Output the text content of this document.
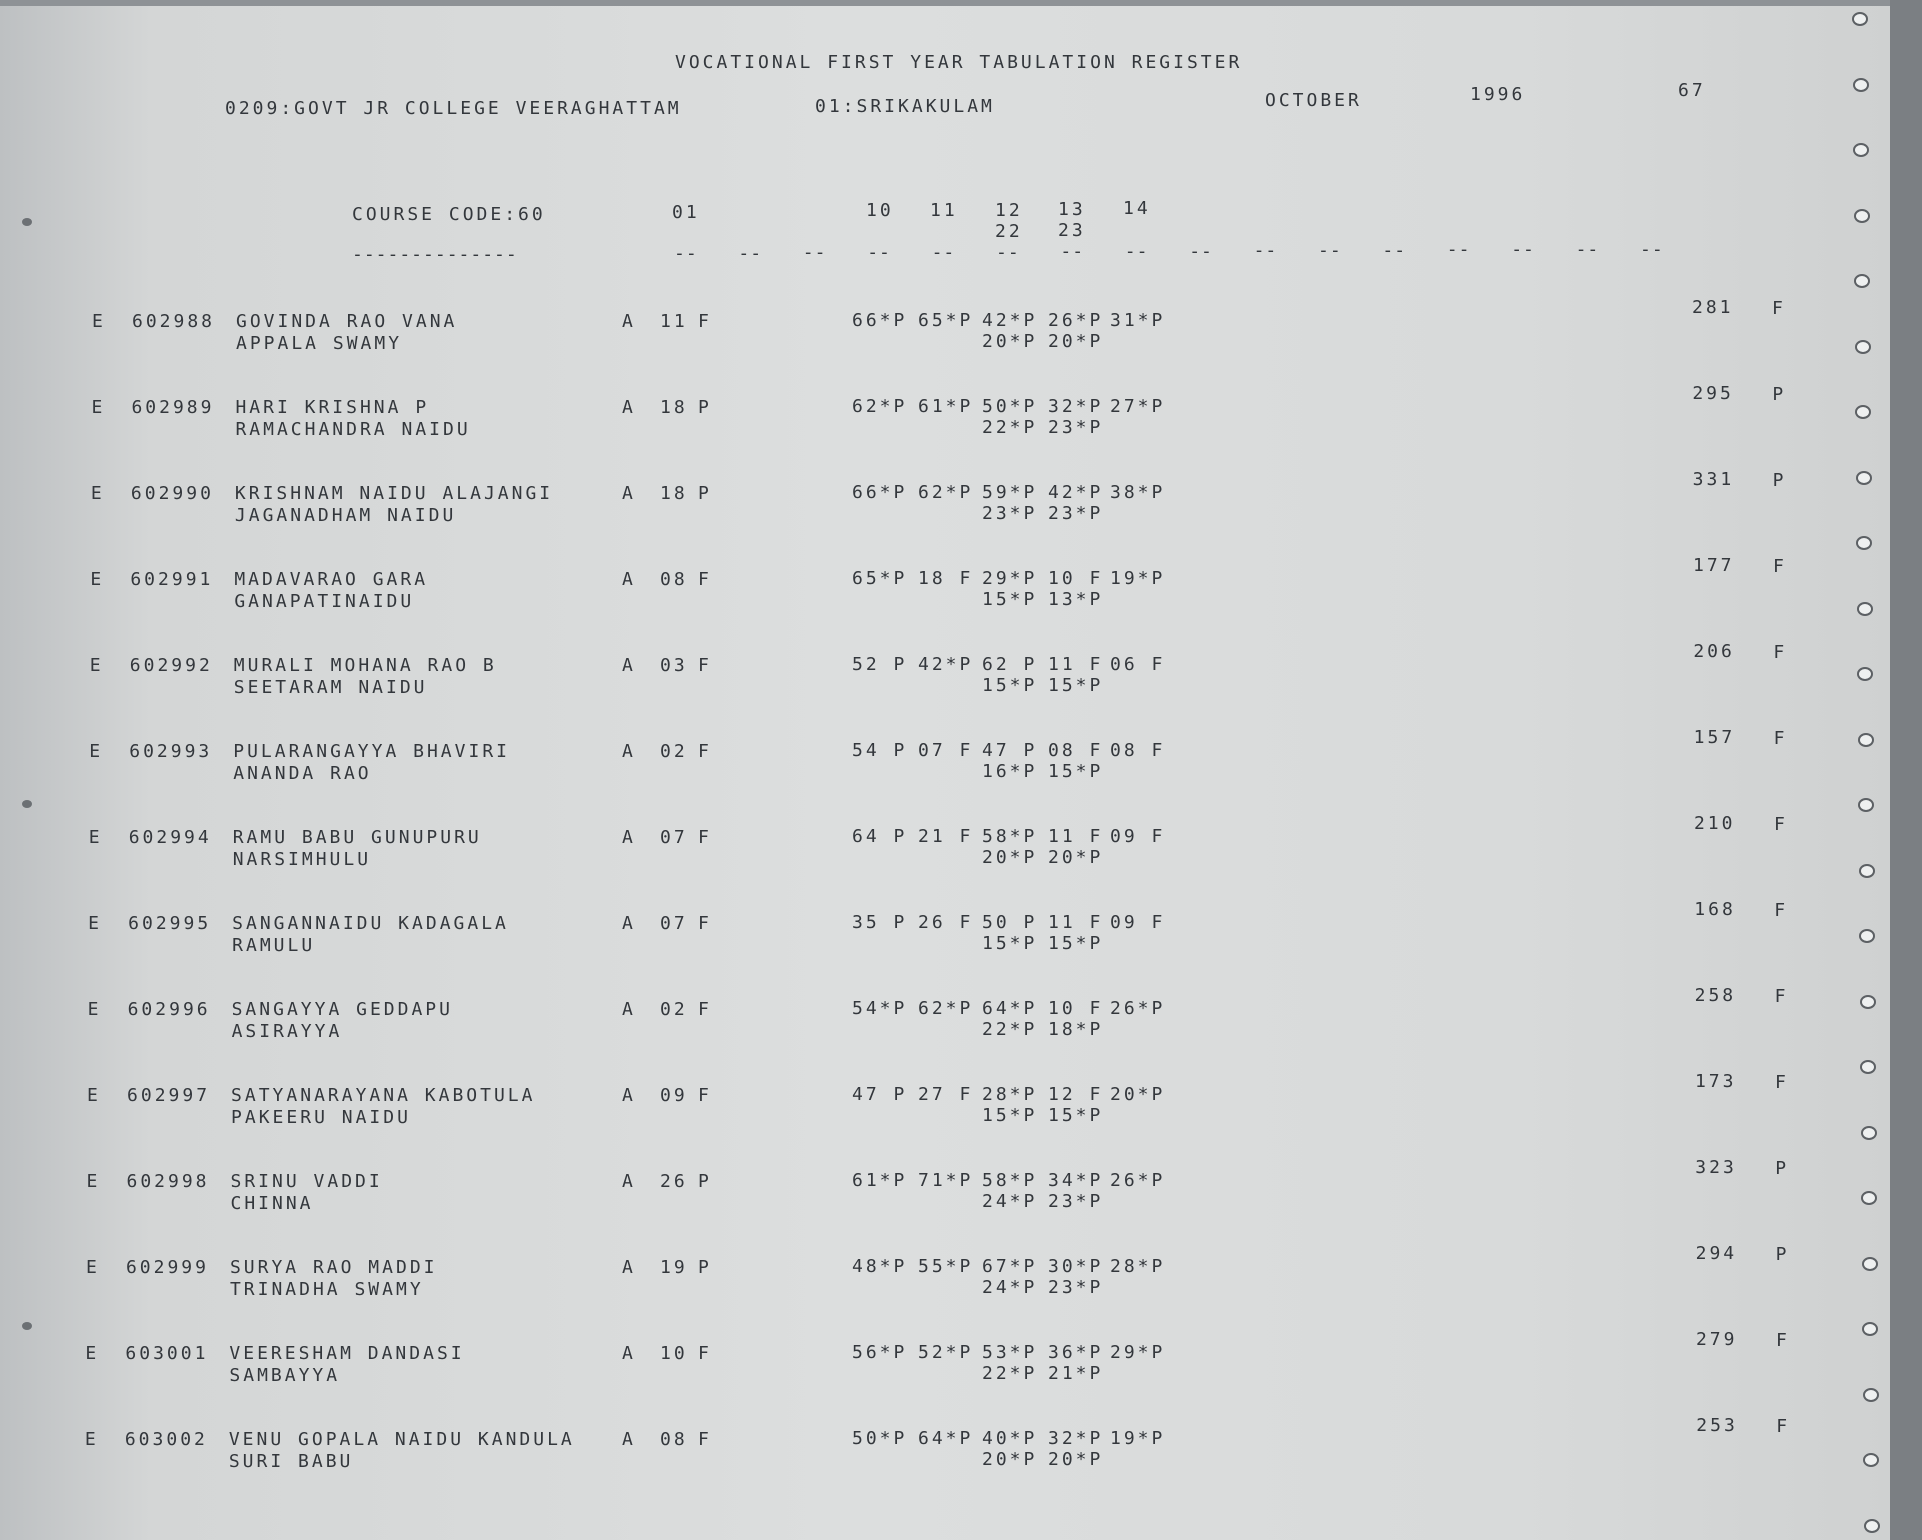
VOCATIONAL FIRST YEAR TABULATION REGISTER
0209:GOVT JR COLLEGE VEERAGHATTAM	01:SRIKAKULAM	OCTOBER	1996	67
COURSE CODE:60
--------------
01	10 11 12
22
13
23
14
-- -- -- -- -- -- -- -- -- -- -- -- -- -- -- --
E 602988 GOVINDA RAO VANA
APPALA SWAMY
A 11 F	66*P 65*P 42*P 26*P 31*P
20*P 20*P
281 F
E 602989 HARI KRISHNA P
RAMACHANDRA NAIDU
A 18 P	62*P 61*P 50*P 32*P 27*P
22*P 23*P
295 P
E 602990 KRISHNAM NAIDU ALAJANGI
JAGANADHAM NAIDU
A 18 P	66*P 62*P 59*P 42*P 38*P
23*P 23*P
331 P
E 602991 MADAVARAO GARA
GANAPATINAIDU
A 08 F	65*P 18 F 29*P 10 F 19*P
15*P 13*P
177 F
E 602992 MURALI MOHANA RAO B
SEETARAM NAIDU
A 03 F	52 P 42*P 62 P 11 F 06 F
15*P 15*P
206 F
E 602993 PULARANGAYYA BHAVIRI
ANANDA RAO
A 02 F	54 P 07 F 47 P 08 F 08 F
16*P 15*P
157 F
E 602994 RAMU BABU GUNUPURU
NARSIMHULU
A 07 F	64 P 21 F 58*P 11 F 09 F
20*P 20*P
210 F
E 602995 SANGANNAIDU KADAGALA
RAMULU
A 07 F	35 P 26 F 50 P 11 F 09 F
15*P 15*P
168 F
E 602996 SANGAYYA GEDDAPU
ASIRAYYA
A 02 F	54*P 62*P 64*P 10 F 26*P
22*P 18*P
258 F
E 602997 SATYANARAYANA KABOTULA
PAKEERU NAIDU
A 09 F	47 P 27 F 28*P 12 F 20*P
15*P 15*P
173 F
E 602998 SRINU VADDI
CHINNA
A 26 P	61*P 71*P 58*P 34*P 26*P
24*P 23*P
323 P
E 602999 SURYA RAO MADDI
TRINADHA SWAMY
A 19 P	48*P 55*P 67*P 30*P 28*P
24*P 23*P
294 P
E 603001 VEERESHAM DANDASI
SAMBAYYA
A 10 F	56*P 52*P 53*P 36*P 29*P
22*P 21*P
279 F
E 603002 VENU GOPALA NAIDU KANDULA
SURI BABU
A 08 F	50*P 64*P 40*P 32*P 19*P
20*P 20*P
253 F
